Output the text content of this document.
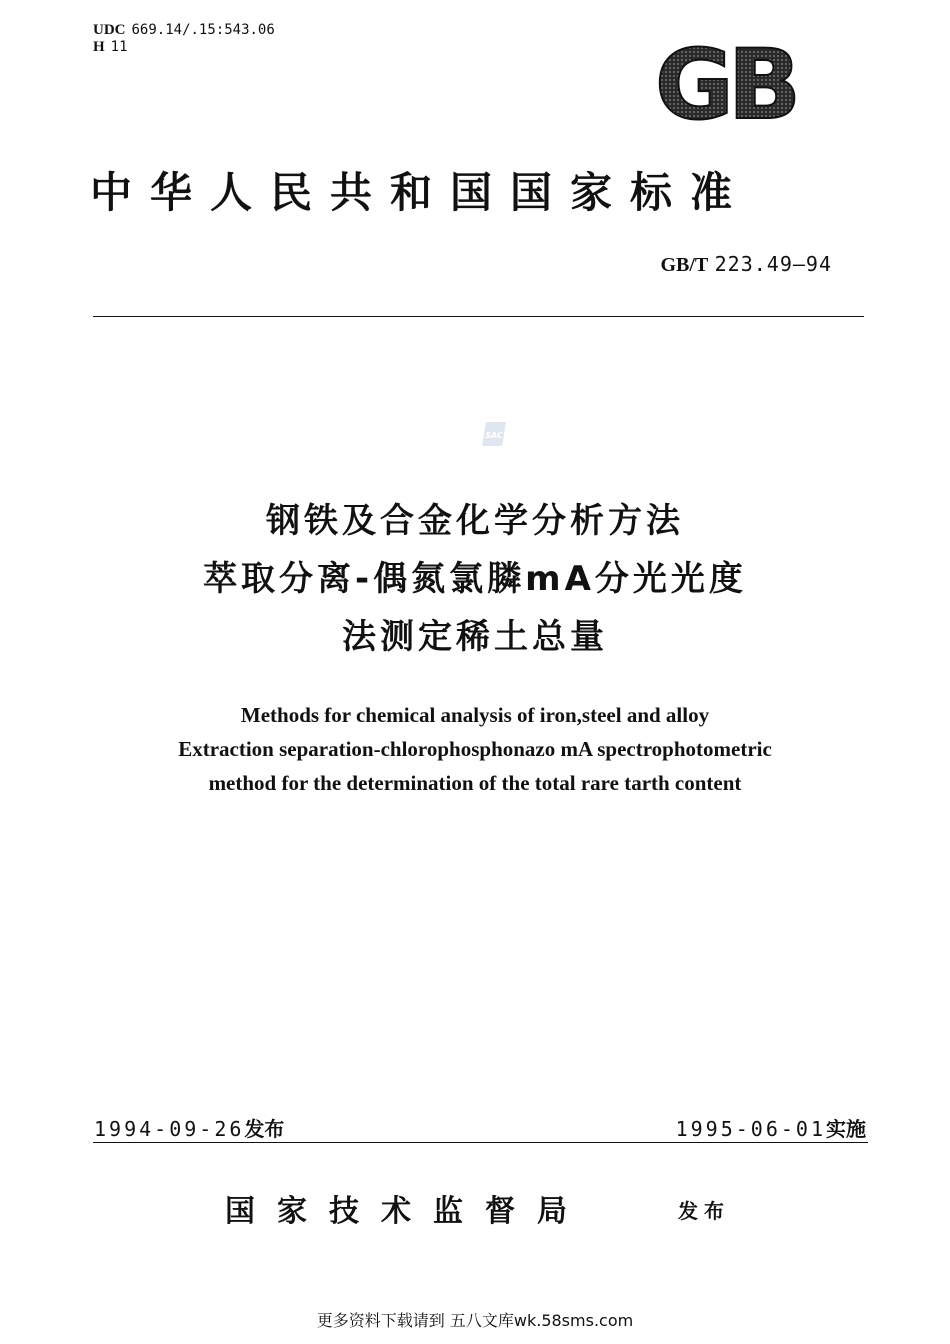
UDC 669.14/.15:543.06
H 11	GB
中华人民共和国国家标准
GB/T 223.49—94
SAC
钢铁及合金化学分析方法
萃取分离-偶氮氯膦mA分光光度
法测定稀土总量
Methods for chemical analysis of iron,steel and alloy
Extraction separation-chlorophosphonazo mA spectrophotometric
method for the determination of the total rare tarth content
1994-09-26发布	1995-06-01实施
国家技术监督局	发布
更多资料下载请到 五八文库wk.58sms.com
